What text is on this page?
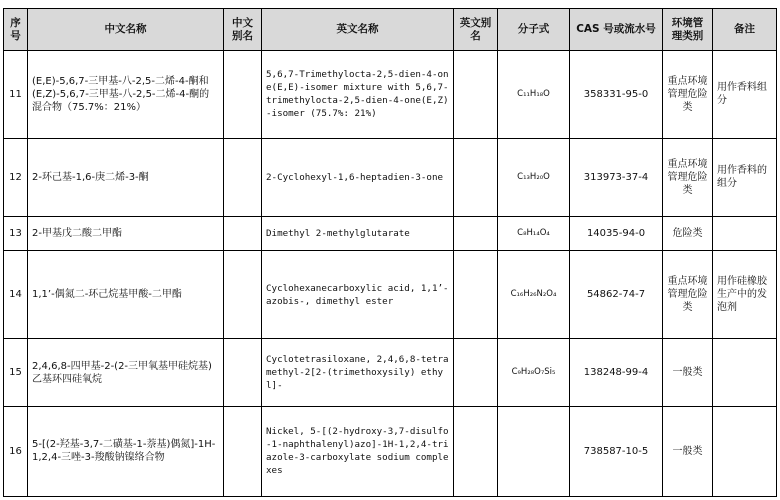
序号	中文名称	中文别名	英文名称	英文别名	分子式	CAS 号或流水号	环境管理类别	备注
11	(E,E)-5,6,7-三甲基-八-2,5-二烯-4-酮和(E,Z)-5,6,7-三甲基-八-2,5-二烯-4-酮的混合物（75.7%：21%）		5,6,7-Trimethylocta-2,5-dien-4-one(E,E)-isomer mixture with 5,6,7-trimethylocta-2,5-dien-4-one(E,Z)-isomer (75.7%: 21%)		C₁₁H₁₈O	358331-95-0	重点环境管理危险类	用作香料组分
12	2-环己基-1,6-庚二烯-3-酮		2-Cyclohexyl-1,6-heptadien-3-one		C₁₃H₂₀O	313973-37-4	重点环境管理危险类	用作香料的组分
13	2-甲基戊二酸二甲酯		Dimethyl 2-methylglutarate		C₈H₁₄O₄	14035-94-0	危险类	
14	1,1’-偶氮二-环己烷基甲酸-二甲酯		Cyclohexanecarboxylic acid, 1,1’-azobis-, dimethyl ester		C₁₆H₂₆N₂O₄	54862-74-7	重点环境管理危险类	用作硅橡胶生产中的发泡剂
15	2,4,6,8-四甲基-2-(2-三甲氧基甲硅烷基)乙基环四硅氧烷		Cyclotetrasiloxane, 2,4,6,8-tetramethyl-2[2-(trimethoxysily) ethyl]-		C₉H₂₈O₇Si₅	138248-99-4	一般类	
16	5-[(2-羟基-3,7-二磺基-1-萘基)偶氮]-1H-1,2,4-三唑-3-羧酸钠镍络合物		Nickel, 5-[(2-hydroxy-3,7-disulfo-1-naphthalenyl)azo]-1H-1,2,4-triazole-3-carboxylate sodium complexes			738587-10-5	一般类	
